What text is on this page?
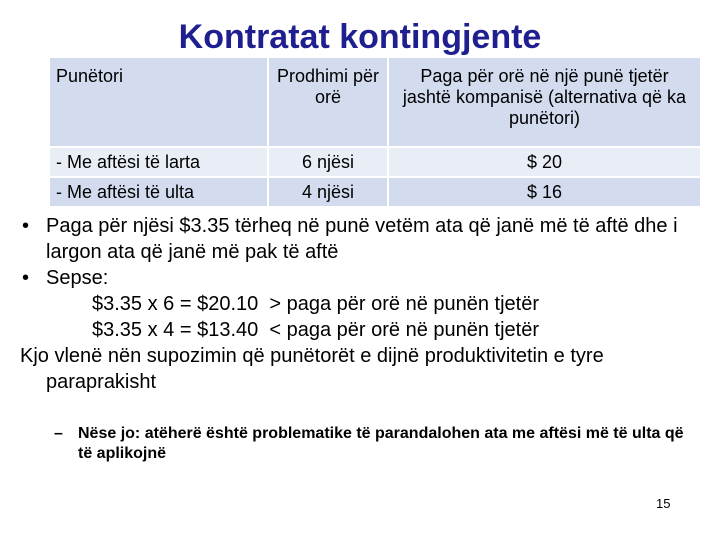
Kontratat kontingjente
Punëtori	Prodhimi për orë	Paga për orë në një punë tjetër jashtë kompanisë (alternativa që ka punëtori)
- Me aftësi të larta	6 njësi	$ 20
- Me aftësi të ulta	4 njësi	$ 16
• Paga për njësi $3.35 tërheq në punë vetëm ata që janë më të aftë dhe i largon ata që janë më pak të aftë
• Sepse:
$3.35 x 6 = $20.10  > paga për orë në punën tjetër
$3.35 x 4 = $13.40  < paga për orë në punën tjetër
Kjo vlenë nën supozimin që punëtorët e dijnë produktivitetin e tyre paraprakisht
– Nëse jo: atëherë është problematike të parandalohen ata me aftësi më të ulta që të aplikojnë
15
